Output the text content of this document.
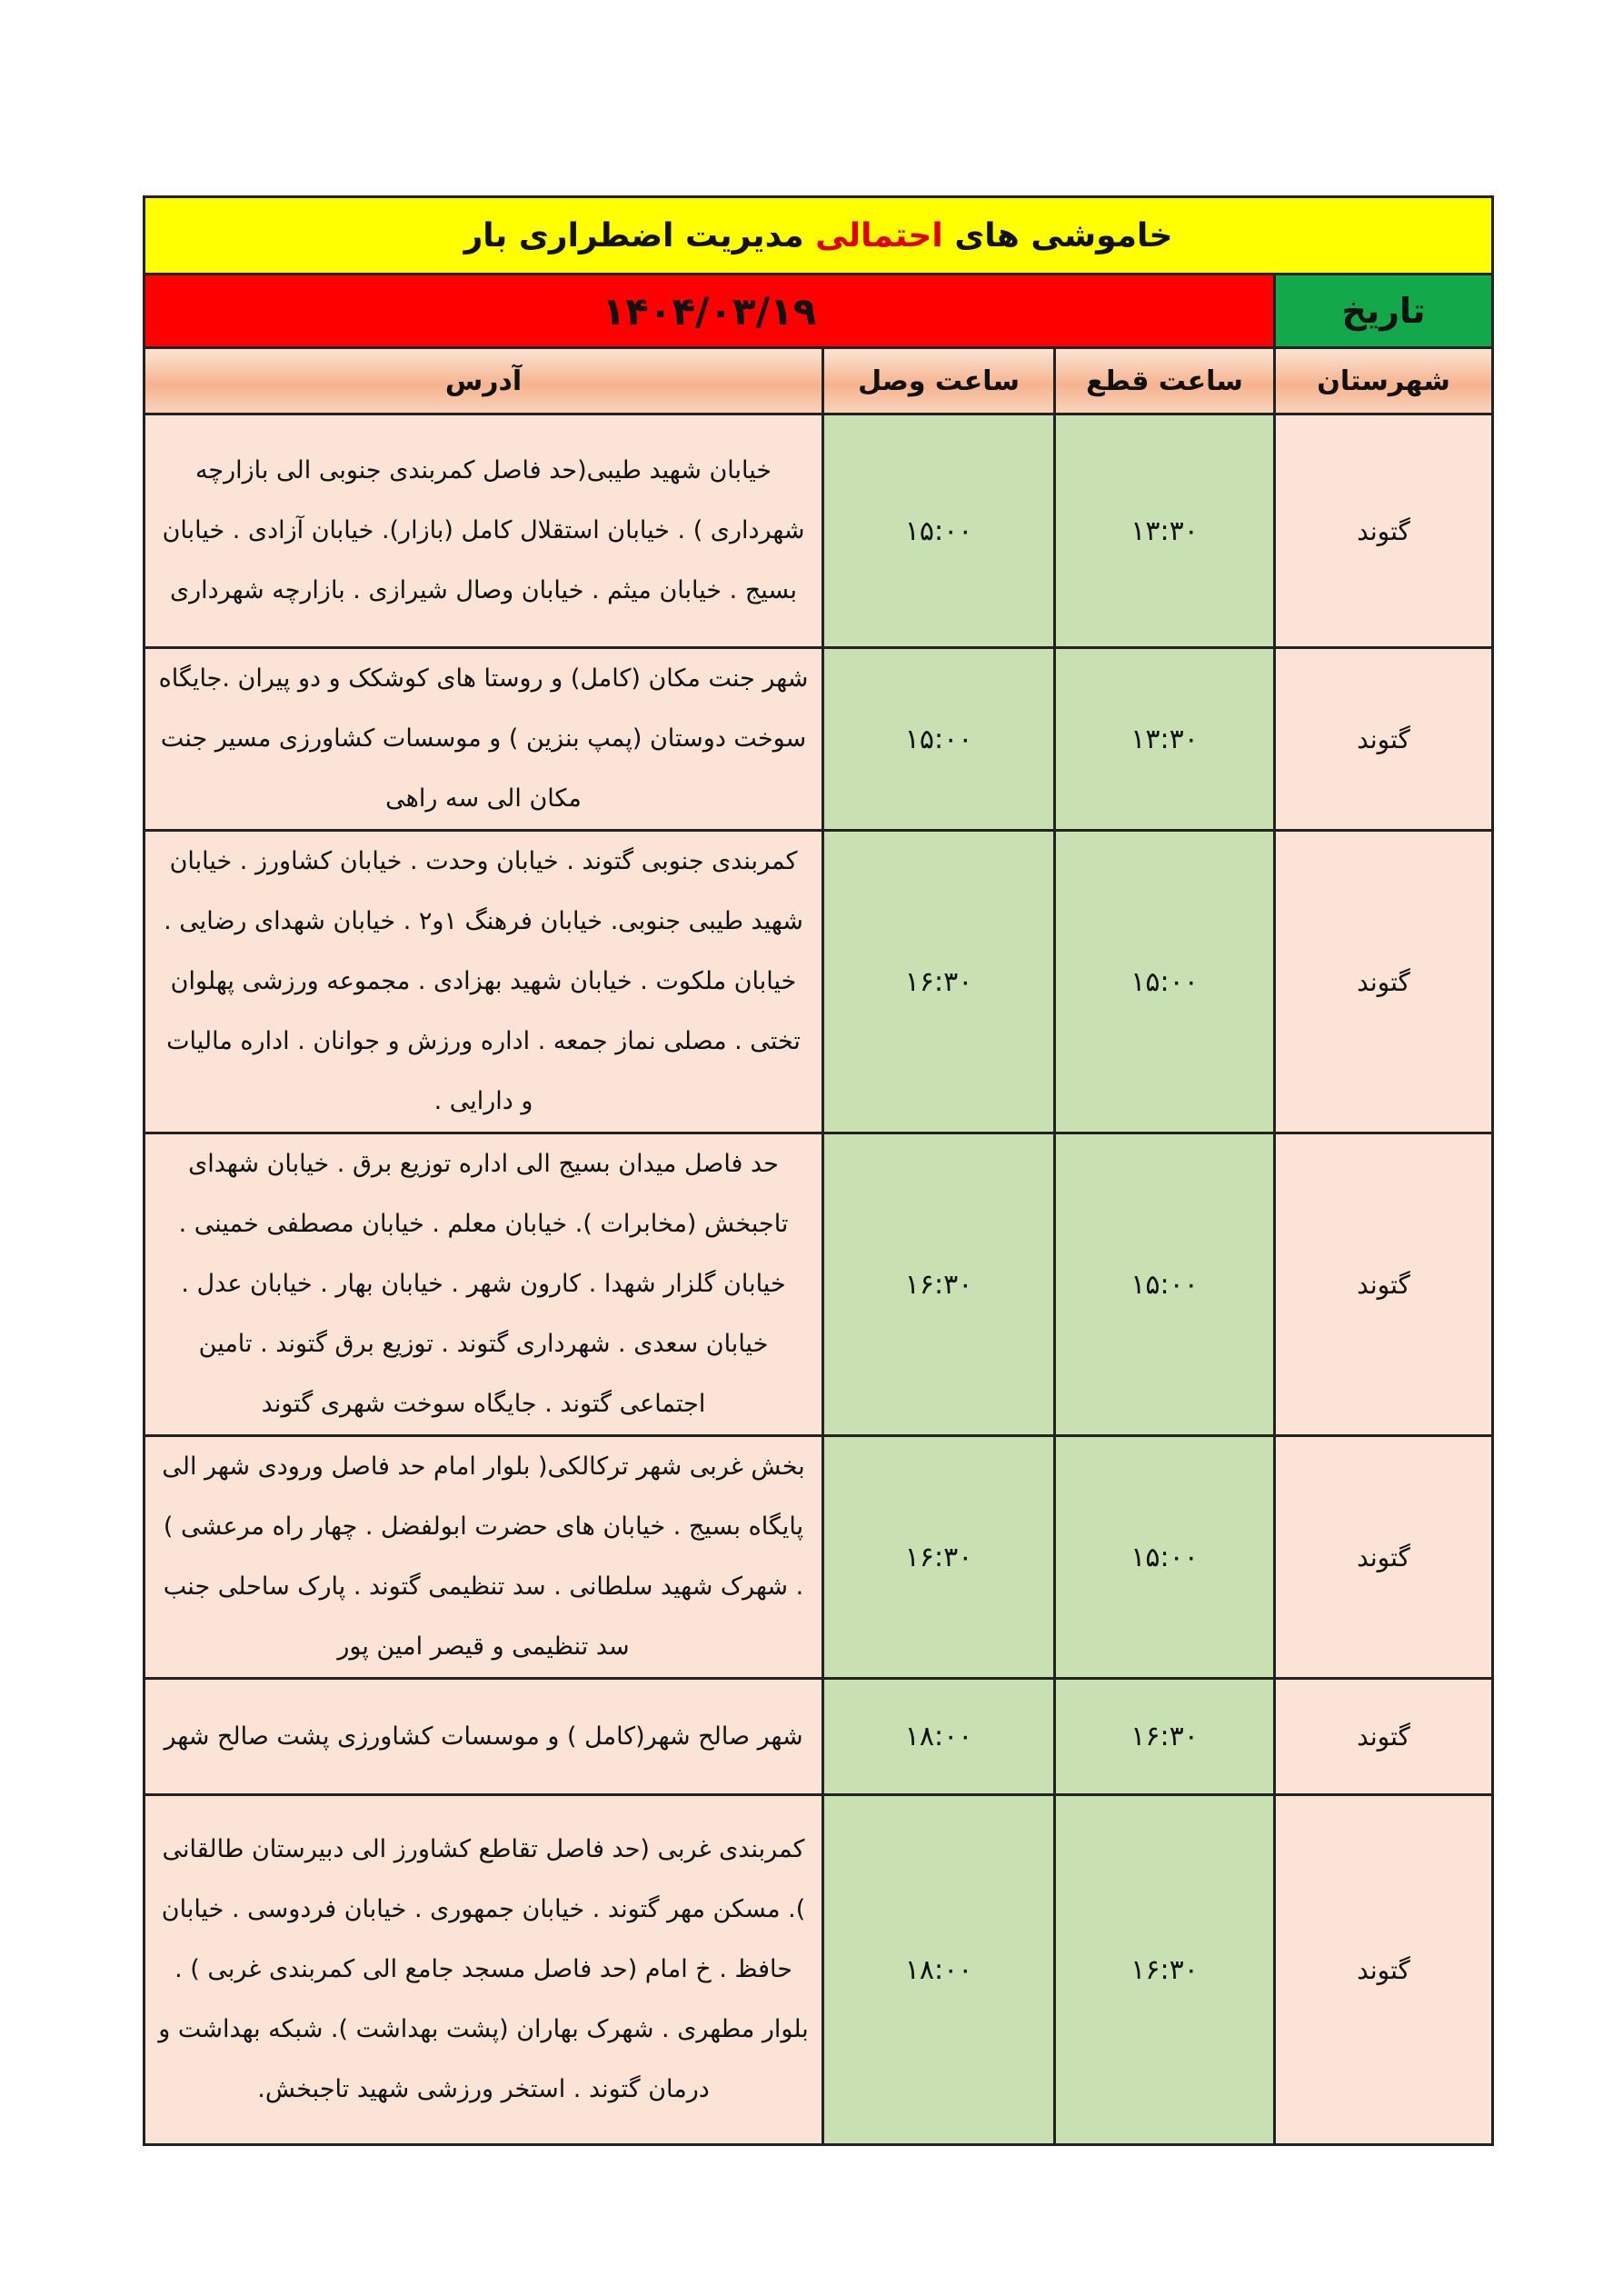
خاموشی های احتمالی مدیریت اضطراری بار			
تاریخ	۱۴۰۴/۰۳/۱۹		
شهرستان	ساعت قطع	ساعت وصل	آدرس
گتوند	۱۳:۳۰	۱۵:۰۰	خیابان شهید طیبی(حد فاصل کمربندی جنوبی الی بازارچه شهرداری ) . خیابان استقلال کامل (بازار). خیابان آزادی . خیابان بسیج . خیابان میثم . خیابان وصال شیرازی . بازارچه شهرداری
گتوند	۱۳:۳۰	۱۵:۰۰	شهر جنت مکان (کامل) و روستا های کوشکک و دو پیران .جایگاه سوخت دوستان (پمپ بنزین ) و موسسات کشاورزی مسیر جنت مکان الی سه راهی
گتوند	۱۵:۰۰	۱۶:۳۰	کمربندی جنوبی گتوند . خیابان وحدت . خیابان کشاورز . خیابان شهید طیبی جنوبی. خیابان فرهنگ ۱و۲ . خیابان شهدای رضایی . خیابان ملکوت . خیابان شهید بهزادی . مجموعه ورزشی پهلوان تختی . مصلی نماز جمعه . اداره ورزش و جوانان . اداره مالیات و دارایی .
گتوند	۱۵:۰۰	۱۶:۳۰	حد فاصل میدان بسیج الی اداره توزیع برق . خیابان شهدای تاجبخش (مخابرات ). خیابان معلم . خیابان مصطفی خمینی . خیابان گلزار شهدا . کارون شهر . خیابان بهار . خیابان عدل . خیابان سعدی . شهرداری گتوند . توزیع برق گتوند . تامین اجتماعی گتوند . جایگاه سوخت شهری گتوند
گتوند	۱۵:۰۰	۱۶:۳۰	بخش غربی شهر ترکالکی( بلوار امام حد فاصل ورودی شهر الی پایگاه بسیج . خیابان های حضرت ابولفضل . چهار راه مرعشی ) . شهرک شهید سلطانی . سد تنظیمی گتوند . پارک ساحلی جنب سد تنظیمی و قیصر امین پور
گتوند	۱۶:۳۰	۱۸:۰۰	شهر صالح شهر(کامل ) و موسسات کشاورزی پشت صالح شهر
گتوند	۱۶:۳۰	۱۸:۰۰	کمربندی غربی (حد فاصل تقاطع کشاورز الی دبیرستان طالقانی ). مسکن مهر گتوند . خیابان جمهوری . خیابان فردوسی . خیابان حافظ . خ امام (حد فاصل مسجد جامع الی کمربندی غربی ) . بلوار مطهری . شهرک بهاران (پشت بهداشت ). شبکه بهداشت و درمان گتوند . استخر ورزشی شهید تاجبخش.
